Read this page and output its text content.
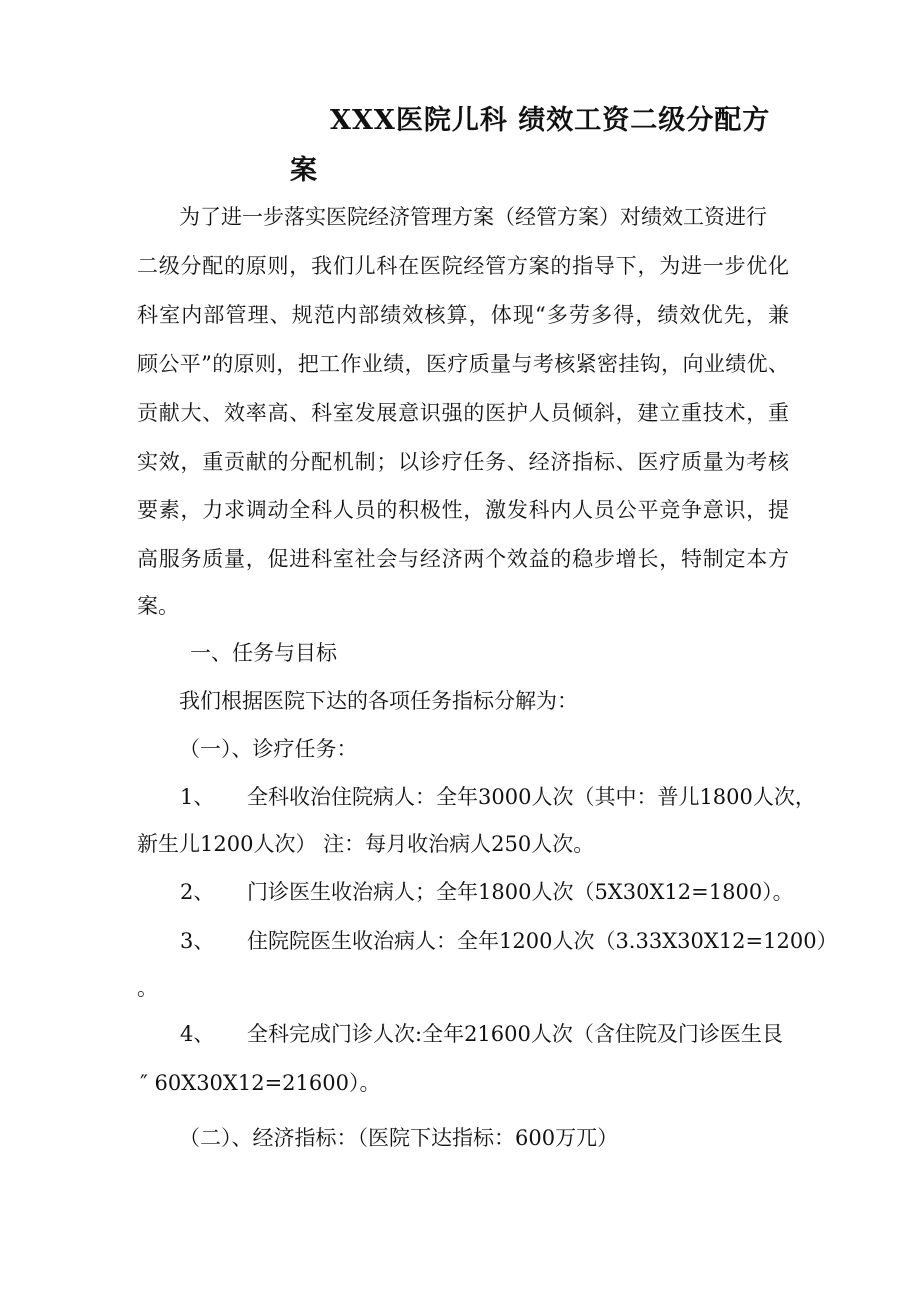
XXX医院儿科 绩效工资二级分配方
案
为了进一步落实医院经济管理方案（经管方案）对绩效工资进行
二级分配的原则，我们儿科在医院经管方案的指导下，为进一步优化
科室内部管理、规范内部绩效核算，体现“多劳多得，绩效优先，兼
顾公平”的原则，把工作业绩，医疗质量与考核紧密挂钩，向业绩优、
贡献大、效率高、科室发展意识强的医护人员倾斜，建立重技术，重
实效，重贡献的分配机制；以诊疗任务、经济指标、医疗质量为考核
要素，力求调动全科人员的积极性，激发科内人员公平竞争意识，提
高服务质量，促进科室社会与经济两个效益的稳步增长，特制定本方
案。
一、任务与目标
我们根据医院下达的各项任务指标分解为：
（一）、诊疗任务：
1、 全科收治住院病人：全年3000人次（其中：普儿1800人次，
新生儿1200人次） 注：每月收治病人250人次。
2、 门诊医生收治病人；全年1800人次（5X30X12=1800）。
3、 住院院医生收治病人：全年1200人次（3.33X30X12=1200）
。
4、 全科完成门诊人次:全年21600人次（含住院及门诊医生艮
″ 60X30X12=21600）。
（二）、经济指标：（医院下达指标：600万兀）
